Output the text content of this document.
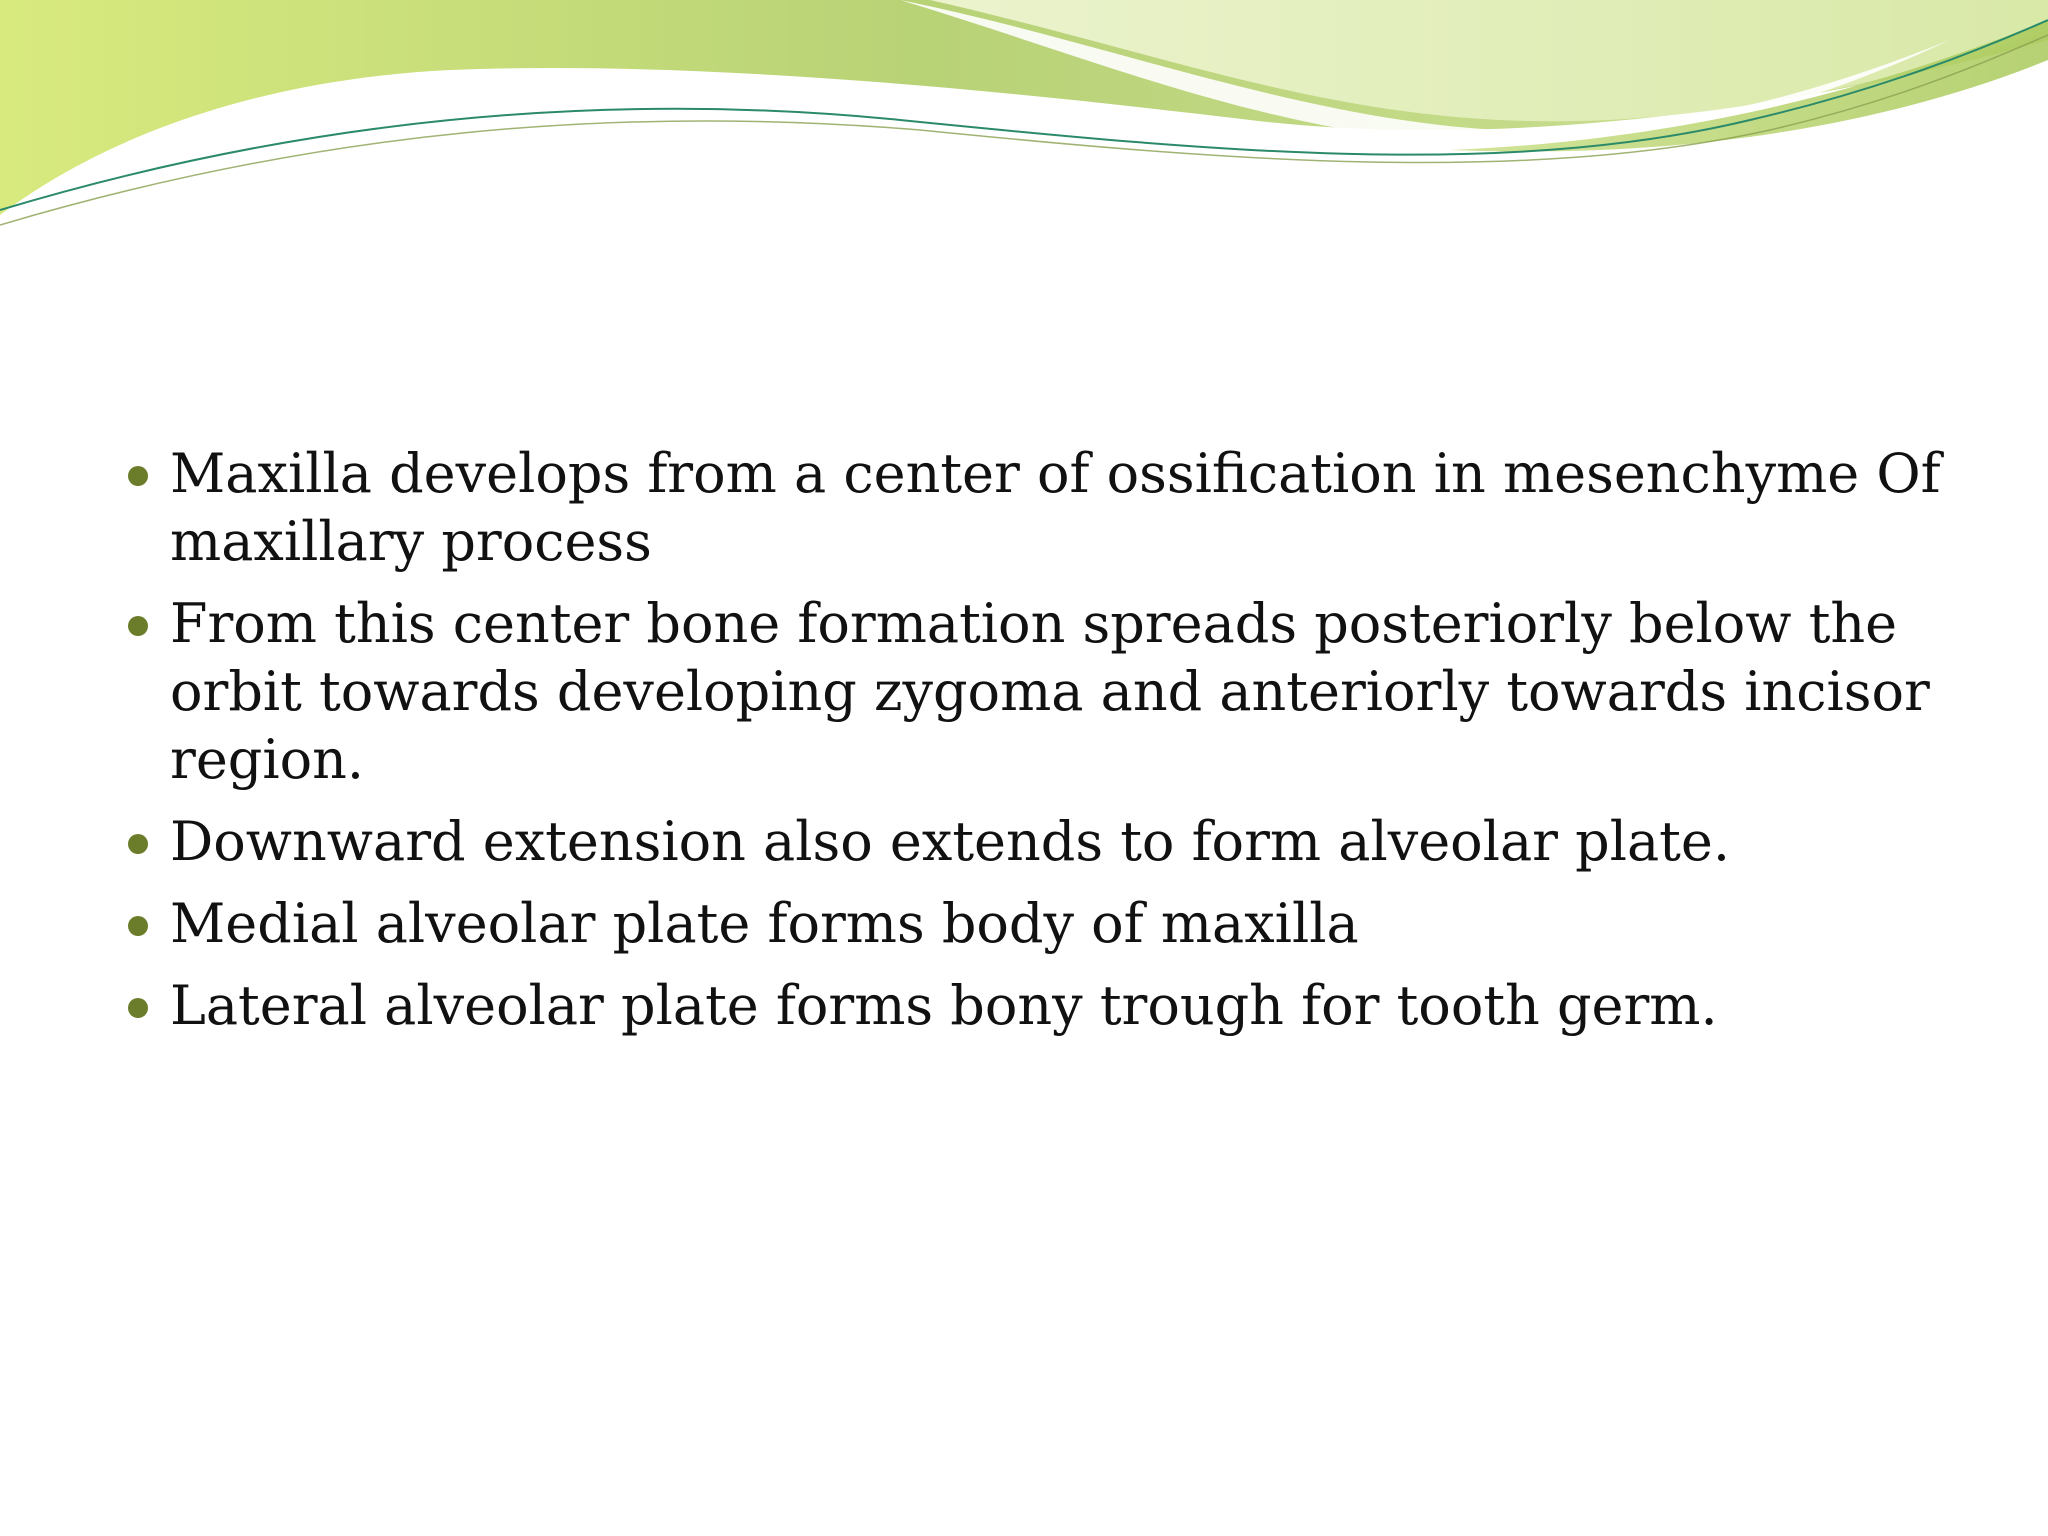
Maxilla develops from a center of ossification in mesenchyme Of maxillary process
From this center bone formation spreads posteriorly below the orbit towards developing zygoma and anteriorly towards incisor region.
Downward extension also extends to form alveolar plate.
Medial alveolar plate forms body of maxilla
Lateral alveolar plate forms bony trough for tooth germ.
